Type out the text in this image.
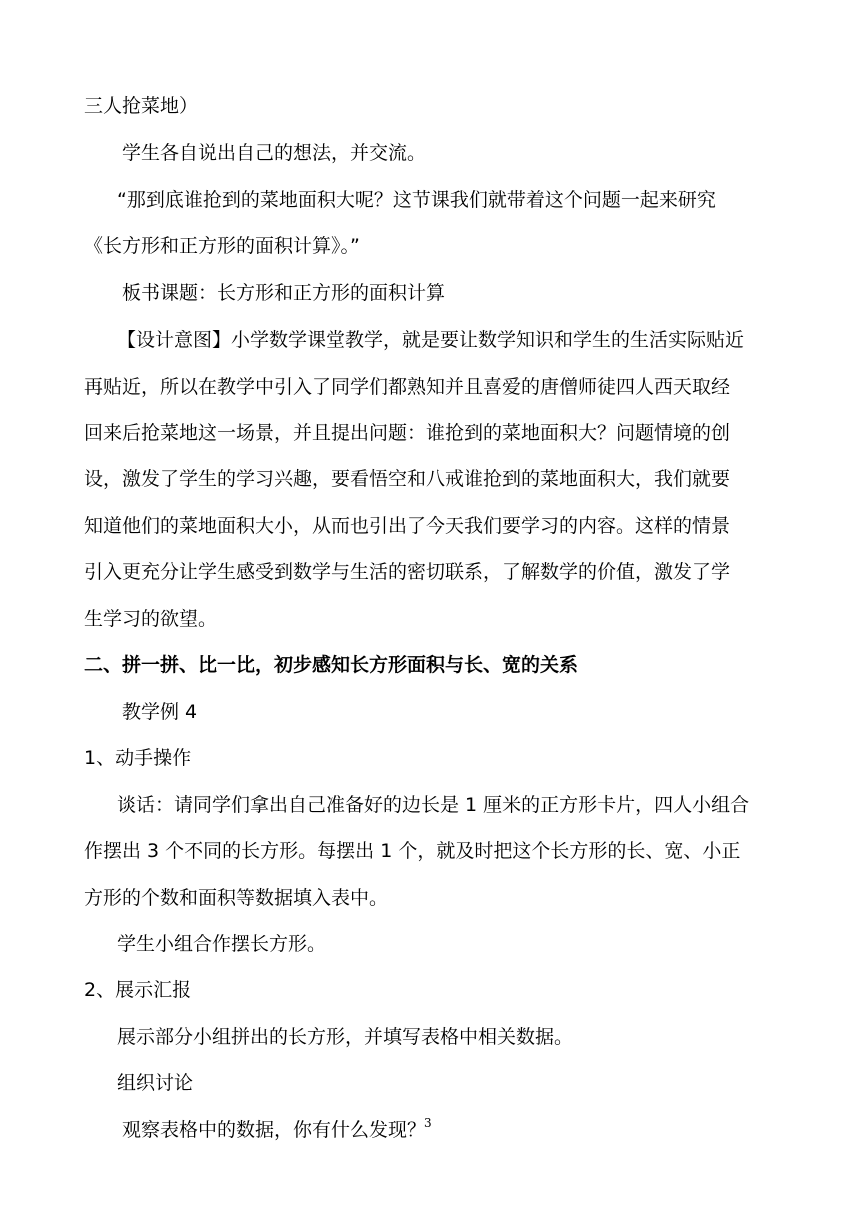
三人抢菜地）
学生各自说出自己的想法，并交流。
“那到底谁抢到的菜地面积大呢？这节课我们就带着这个问题一起来研究
《长方形和正方形的面积计算》。”
板书课题：长方形和正方形的面积计算
【设计意图】小学数学课堂教学，就是要让数学知识和学生的生活实际贴近
再贴近，所以在教学中引入了同学们都熟知并且喜爱的唐僧师徒四人西天取经
回来后抢菜地这一场景，并且提出问题：谁抢到的菜地面积大？问题情境的创
设，激发了学生的学习兴趣，要看悟空和八戒谁抢到的菜地面积大，我们就要
知道他们的菜地面积大小，从而也引出了今天我们要学习的内容。这样的情景
引入更充分让学生感受到数学与生活的密切联系，了解数学的价值，激发了学
生学习的欲望。
二、拼一拼、比一比，初步感知长方形面积与长、宽的关系
教学例 4
1、动手操作
谈话：请同学们拿出自己准备好的边长是 1 厘米的正方形卡片，四人小组合
作摆出 3 个不同的长方形。每摆出 1 个，就及时把这个长方形的长、宽、小正
方形的个数和面积等数据填入表中。
学生小组合作摆长方形。
2、展示汇报
展示部分小组拼出的长方形，并填写表格中相关数据。
组织讨论
观察表格中的数据，你有什么发现？
3
